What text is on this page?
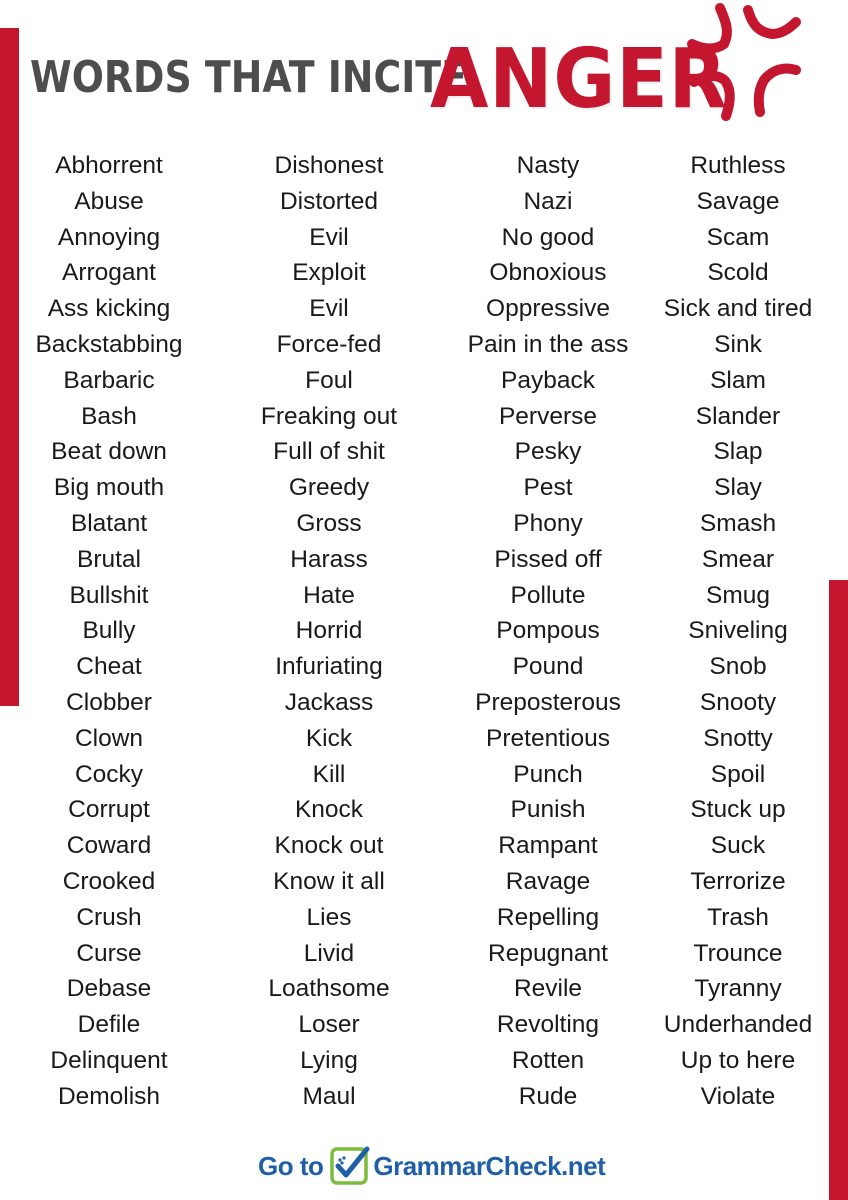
WORDS THAT INCITE
ANGER
Abhorrent
Abuse
Annoying
Arrogant
Ass kicking
Backstabbing
Barbaric
Bash
Beat down
Big mouth
Blatant
Brutal
Bullshit
Bully
Cheat
Clobber
Clown
Cocky
Corrupt
Coward
Crooked
Crush
Curse
Debase
Defile
Delinquent
Demolish
Dishonest
Distorted
Evil
Exploit
Evil
Force-fed
Foul
Freaking out
Full of shit
Greedy
Gross
Harass
Hate
Horrid
Infuriating
Jackass
Kick
Kill
Knock
Knock out
Know it all
Lies
Livid
Loathsome
Loser
Lying
Maul
Nasty
Nazi
No good
Obnoxious
Oppressive
Pain in the ass
Payback
Perverse
Pesky
Pest
Phony
Pissed off
Pollute
Pompous
Pound
Preposterous
Pretentious
Punch
Punish
Rampant
Ravage
Repelling
Repugnant
Revile
Revolting
Rotten
Rude
Ruthless
Savage
Scam
Scold
Sick and tired
Sink
Slam
Slander
Slap
Slay
Smash
Smear
Smug
Sniveling
Snob
Snooty
Snotty
Spoil
Stuck up
Suck
Terrorize
Trash
Trounce
Tyranny
Underhanded
Up to here
Violate
Go to Grammar Check .net
